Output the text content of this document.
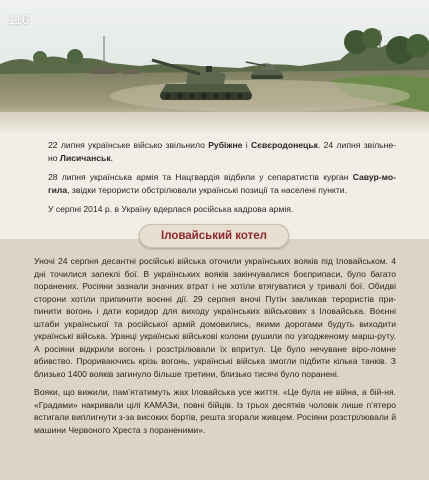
116

22 липня українське військо звільнило Рубіжне і Сєвєродонецьк. 24 липня звільне-но Лисичанськ.

28 липня українська армія та Нацгвардія відбили у сепаратистів курган Савур-мо-гила, звідки терористи обстрілювали українські позиції та населені пункти.

У серпні 2014 р. в Україну вдерлася російська кадрова армія.

Іловайський котел

Уночі 24 серпня десантні російські війська оточили українських вояків під Іловайськом. 4 дні точилися запеклі бої. В українських вояків закінчувалися боєприпаси, було багато поранених. Росіяни зазнали значних втрат і не хотіли втягуватися у тривалі бої. Обидві сторони хотіли припинити воєнні дії. 29 серпня вночі Путін закликав терористів при-пинити вогонь і дати коридор для виходу українських військових з Іловайська. Воєнні штаби української та російської армій домовились, якими дорогами будуть виходити українські війська. Уранці українські військові колони рушили по узгодженому марш-руту. А росіяни відкрили вогонь і розстрілювали їх впритул. Це було нечуване віро-ломне вбивство. Прориваючись крізь вогонь, українські війська змогли підбити кілька танків. З близько 1400 вояків загинуло більше третини, близько тисячі було поранені.

Вояки, що вижили, пам’ятатимуть жах Іловайська усе життя. «Це була не війна, а бій-ня. «Градами» накривали цілі КАМАЗи, повні бійців. Із трьох десятків чоловік лише п’ятеро встигали виплигнути з-за високих бортів, решта згорали живцем. Росіяни розстрілювали й машини Червоного Хреста з пораненими».
